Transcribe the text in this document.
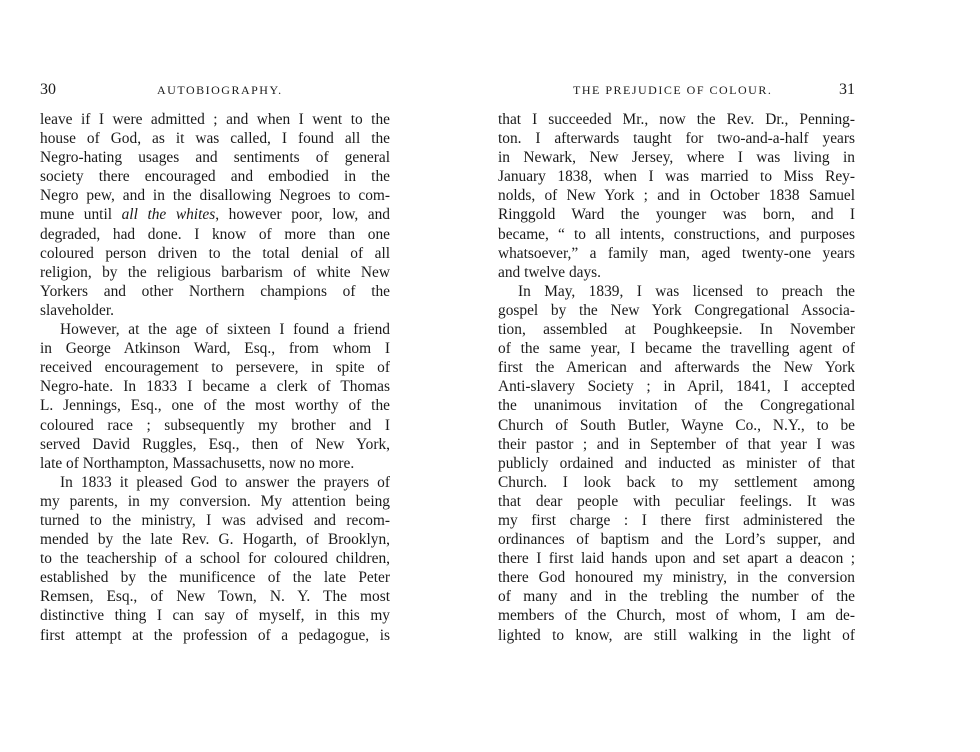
30	AUTOBIOGRAPHY.
leave if I were admitted ; and when I went to the
house of God, as it was called, I found all the
Negro-hating usages and sentiments of general
society there encouraged and embodied in the
Negro pew, and in the disallowing Negroes to com-
mune until all the whites, however poor, low, and
degraded, had done. I know of more than one
coloured person driven to the total denial of all
religion, by the religious barbarism of white New
Yorkers and other Northern champions of the
slaveholder.
However, at the age of sixteen I found a friend
in George Atkinson Ward, Esq., from whom I
received encouragement to persevere, in spite of
Negro-hate. In 1833 I became a clerk of Thomas
L. Jennings, Esq., one of the most worthy of the
coloured race ; subsequently my brother and I
served David Ruggles, Esq., then of New York,
late of Northampton, Massachusetts, now no more.
In 1833 it pleased God to answer the prayers of
my parents, in my conversion. My attention being
turned to the ministry, I was advised and recom-
mended by the late Rev. G. Hogarth, of Brooklyn,
to the teachership of a school for coloured children,
established by the munificence of the late Peter
Remsen, Esq., of New Town, N. Y. The most
distinctive thing I can say of myself, in this my
first attempt at the profession of a pedagogue, is
THE PREJUDICE OF COLOUR.	31
that I succeeded Mr., now the Rev. Dr., Penning-
ton. I afterwards taught for two-and-a-half years
in Newark, New Jersey, where I was living in
January 1838, when I was married to Miss Rey-
nolds, of New York ; and in October 1838 Samuel
Ringgold Ward the younger was born, and I
became, “ to all intents, constructions, and purposes
whatsoever,” a family man, aged twenty-one years
and twelve days.
In May, 1839, I was licensed to preach the
gospel by the New York Congregational Associa-
tion, assembled at Poughkeepsie. In November
of the same year, I became the travelling agent of
first the American and afterwards the New York
Anti-slavery Society ; in April, 1841, I accepted
the unanimous invitation of the Congregational
Church of South Butler, Wayne Co., N.Y., to be
their pastor ; and in September of that year I was
publicly ordained and inducted as minister of that
Church. I look back to my settlement among
that dear people with peculiar feelings. It was
my first charge : I there first administered the
ordinances of baptism and the Lord’s supper, and
there I first laid hands upon and set apart a deacon ;
there God honoured my ministry, in the conversion
of many and in the trebling the number of the
members of the Church, most of whom, I am de-
lighted to know, are still walking in the light of
